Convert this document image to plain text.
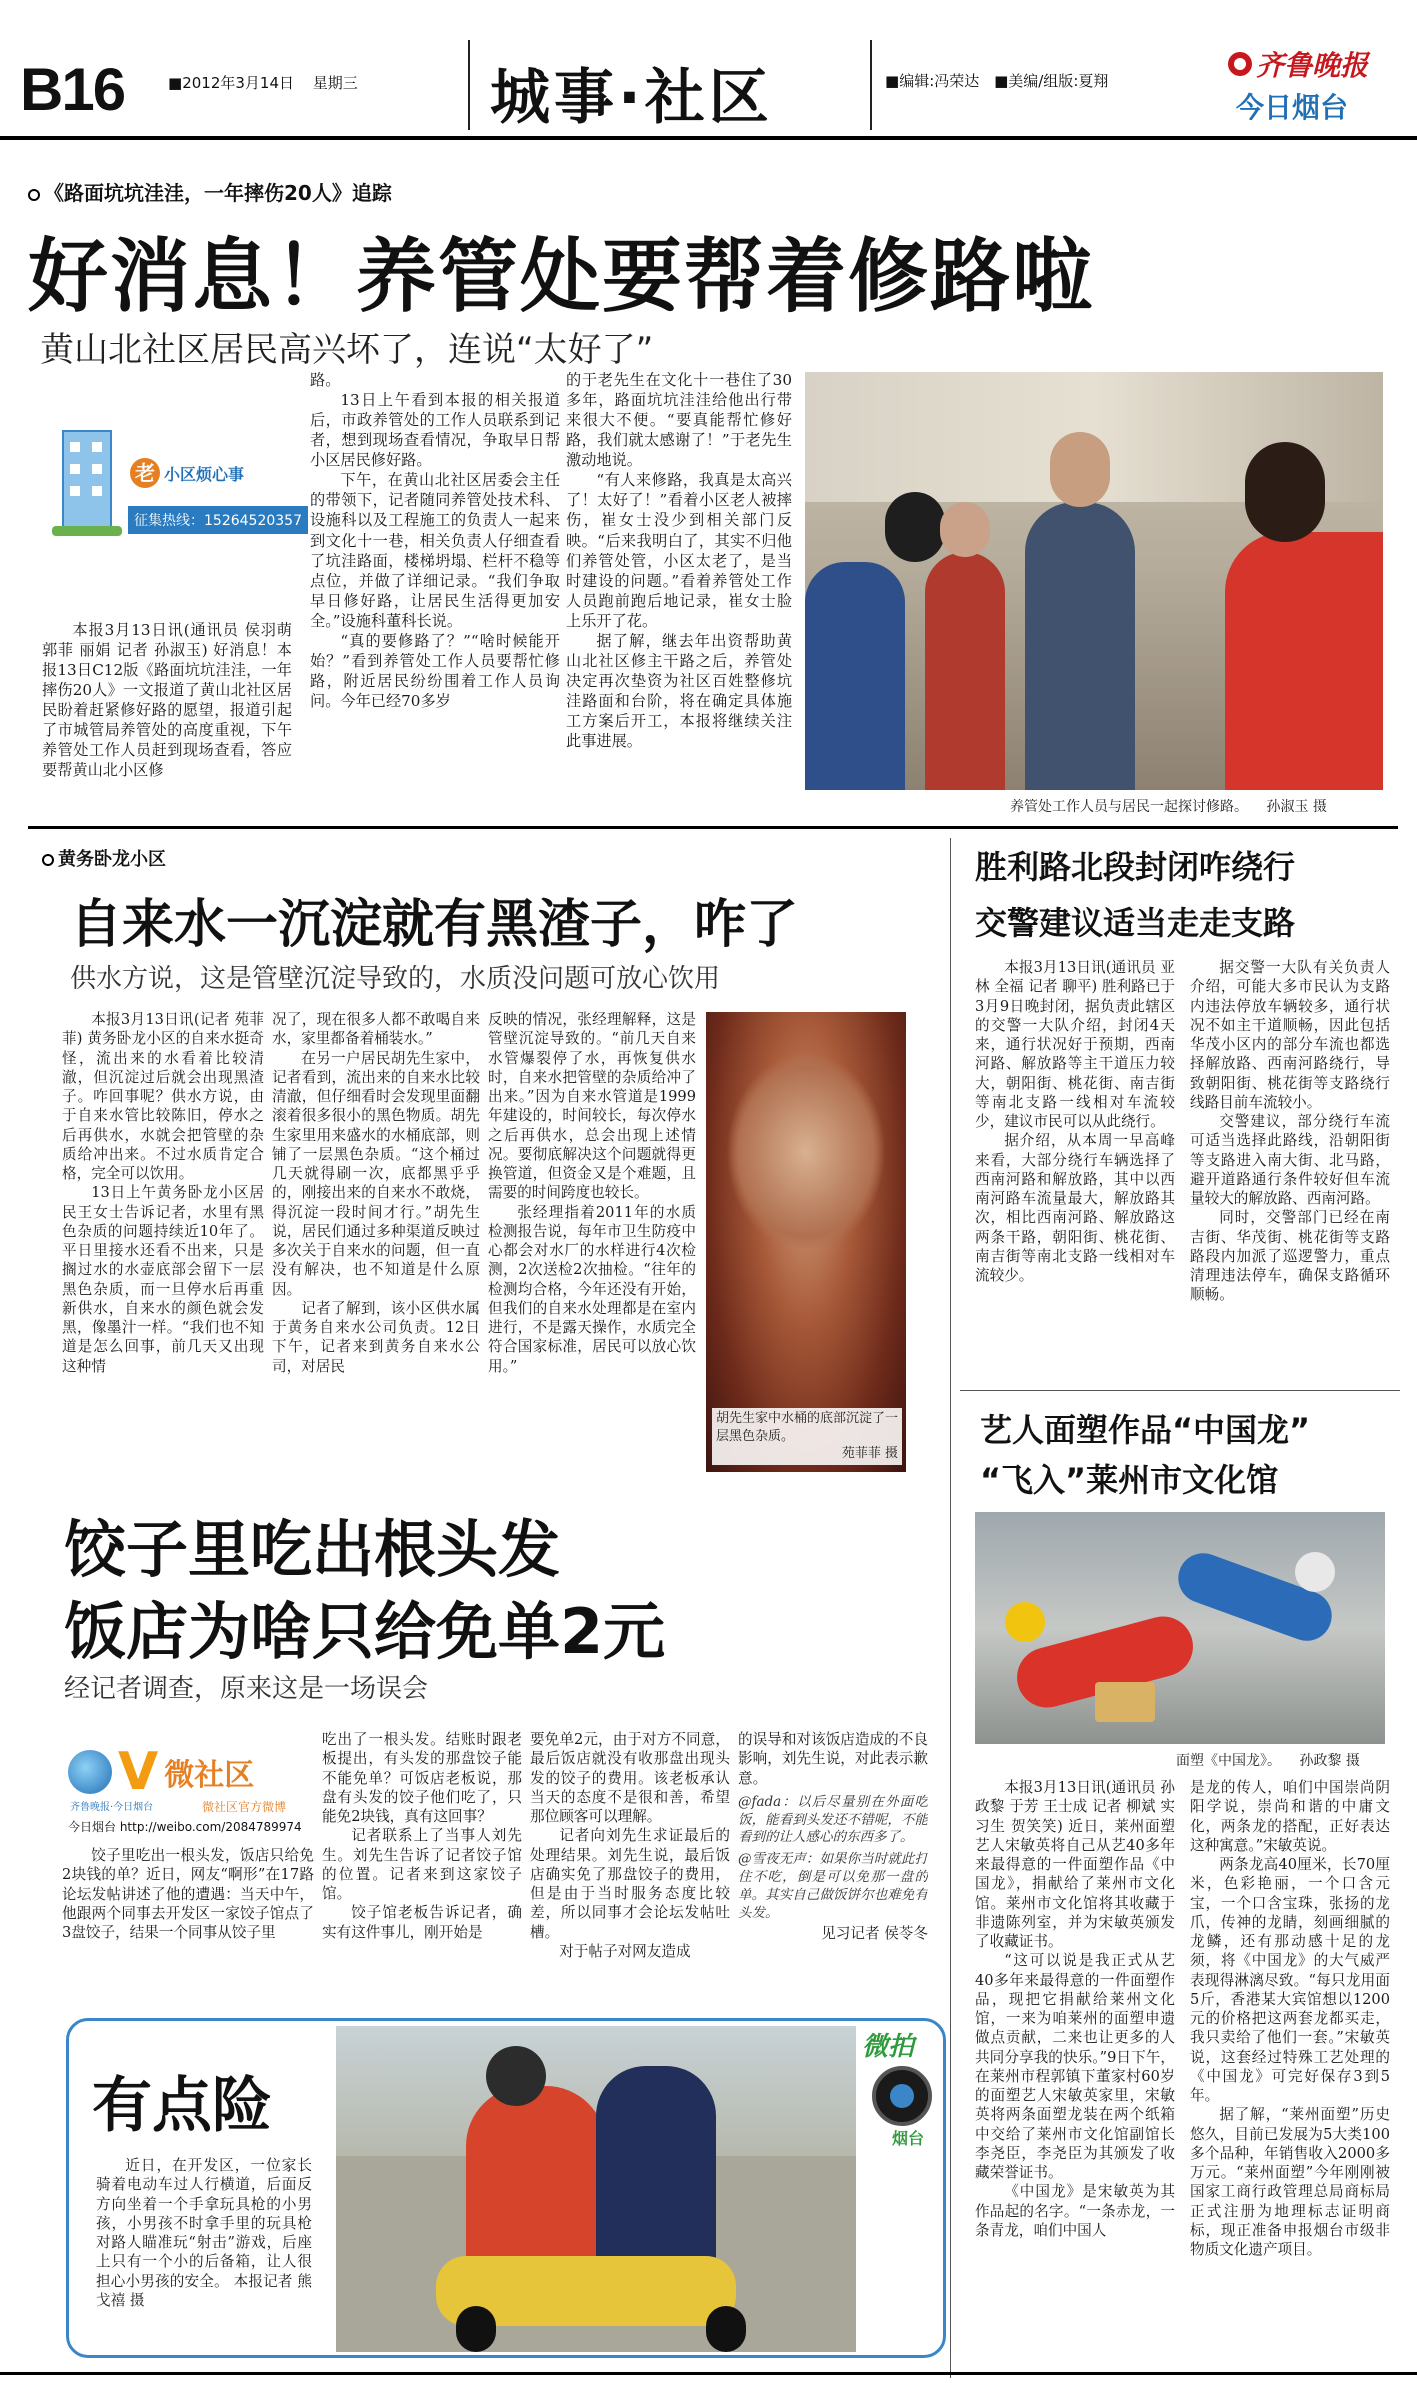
B16	■2012年3月14日 星期三 城事·社区	■编辑:冯荣达 ■美编/组版:夏翔	齐鲁晚报
今日烟台
《路面坑坑洼洼，一年摔伤20人》追踪
好消息！养管处要帮着修路啦
黄山北社区居民高兴坏了，连说“太好了”
老 小区烦心事
征集热线：15264520357

本报3月13日讯(通讯员 侯羽萌 郭菲 丽娟 记者 孙淑玉) 好消息！本报13日C12版《路面坑坑洼洼，一年摔伤20人》一文报道了黄山北社区居民盼着赶紧修好路的愿望，报道引起了市城管局养管处的高度重视，下午养管处工作人员赶到现场查看，答应要帮黄山北小区修

路。

13日上午看到本报的相关报道后，市政养管处的工作人员联系到记者，想到现场查看情况，争取早日帮小区居民修好路。

下午，在黄山北社区居委会主任的带领下，记者随同养管处技术科、设施科以及工程施工的负责人一起来到文化十一巷，相关负责人仔细查看了坑洼路面，楼梯坍塌、栏杆不稳等点位，并做了详细记录。“我们争取早日修好路，让居民生活得更加安全。”设施科董科长说。

“真的要修路了？”“啥时候能开始？”看到养管处工作人员要帮忙修路，附近居民纷纷围着工作人员询问。今年已经70多岁

的于老先生在文化十一巷住了30多年，路面坑坑洼洼给他出行带来很大不便。“要真能帮忙修好路，我们就太感谢了！”于老先生激动地说。

“有人来修路，我真是太高兴了！太好了！”看着小区老人被摔伤，崔女士没少到相关部门反映。“后来我明白了，其实不归他们养管处管，小区太老了，是当时建设的问题。”看着养管处工作人员跑前跑后地记录，崔女士脸上乐开了花。

据了解，继去年出资帮助黄山北社区修主干路之后，养管处决定再次垫资为社区百姓整修坑洼路面和台阶，将在确定具体施工方案后开工，本报将继续关注此事进展。

养管处工作人员与居民一起探讨修路。 孙淑玉 摄
黄务卧龙小区
自来水一沉淀就有黑渣子，咋了
供水方说，这是管壁沉淀导致的，水质没问题可放心饮用

本报3月13日讯(记者 苑菲菲) 黄务卧龙小区的自来水挺奇怪，流出来的水看着比较清澈，但沉淀过后就会出现黑渣子。咋回事呢？供水方说，由于自来水管比较陈旧，停水之后再供水，水就会把管壁的杂质给冲出来。不过水质肯定合格，完全可以饮用。

13日上午黄务卧龙小区居民王女士告诉记者，水里有黑色杂质的问题持续近10年了。平日里接水还看不出来，只是搁过水的水壶底部会留下一层黑色杂质，而一旦停水后再重新供水，自来水的颜色就会发黑，像墨汁一样。“我们也不知道是怎么回事，前几天又出现这种情

况了，现在很多人都不敢喝自来水，家里都备着桶装水。”

在另一户居民胡先生家中，记者看到，流出来的自来水比较清澈，但仔细看时会发现里面翻滚着很多很小的黑色物质。胡先生家里用来盛水的水桶底部，则铺了一层黑色杂质。“这个桶过几天就得刷一次，底都黑乎乎的，刚接出来的自来水不敢烧，得沉淀一段时间才行。”胡先生说，居民们通过多种渠道反映过多次关于自来水的问题，但一直没有解决，也不知道是什么原因。

记者了解到，该小区供水属于黄务自来水公司负责。12日下午，记者来到黄务自来水公司，对居民

反映的情况，张经理解释，这是管壁沉淀导致的。“前几天自来水管爆裂停了水，再恢复供水时，自来水把管壁的杂质给冲了出来。”因为自来水管道是1999年建设的，时间较长，每次停水之后再供水，总会出现上述情况。要彻底解决这个问题就得更换管道，但资金又是个难题，且需要的时间跨度也较长。

张经理指着2011年的水质检测报告说，每年市卫生防疫中心都会对水厂的水样进行4次检测，2次送检2次抽检。“往年的检测均合格，今年还没有开始，但我们的自来水处理都是在室内进行，不是露天操作，水质完全符合国家标准，居民可以放心饮用。”

胡先生家中水桶的底部沉淀了一层黑色杂质。
苑菲菲 摄
饺子里吃出根头发
饭店为啥只给免单2元
经记者调查，原来这是一场误会
V 微社区
齐鲁晚报·今日烟台	微社区官方微博
今日烟台 http://weibo.com/2084789974

饺子里吃出一根头发，饭店只给免2块钱的单？近日，网友“啊形”在17路论坛发帖讲述了他的遭遇：当天中午，他跟两个同事去开发区一家饺子馆点了3盘饺子，结果一个同事从饺子里

吃出了一根头发。结账时跟老板提出，有头发的那盘饺子能不能免单？可饭店老板说，那盘有头发的饺子他们吃了，只能免2块钱，真有这回事？

记者联系上了当事人刘先生。刘先生告诉了记者饺子馆的位置。记者来到这家饺子馆。

饺子馆老板告诉记者，确实有这件事儿，刚开始是

要免单2元，由于对方不同意，最后饭店就没有收那盘出现头发的饺子的费用。该老板承认当天的态度不是很和善，希望那位顾客可以理解。

记者向刘先生求证最后的处理结果。刘先生说，最后饭店确实免了那盘饺子的费用，但是由于当时服务态度比较差，所以同事才会论坛发帖吐槽。

对于帖子对网友造成

的误导和对该饭店造成的不良影响，刘先生说，对此表示歉意。

@fada：以后尽量别在外面吃饭，能看到头发还不错呢，不能看到的让人感心的东西多了。

@雪夜无声：如果你当时就此打住不吃，倒是可以免那一盘的单。其实自己做饭饼尔也难免有头发。

见习记者 侯苓冬

有点险

近日，在开发区，一位家长骑着电动车过人行横道，后面反方向坐着一个手拿玩具枪的小男孩，小男孩不时拿手里的玩具枪对路人瞄准玩“射击”游戏，后座上只有一个小的后备箱，让人很担心小男孩的安全。 本报记者 熊戈禧 摄

微拍
烟台
胜利路北段封闭咋绕行
交警建议适当走走支路

本报3月13日讯(通讯员 亚林 全福 记者 聊平) 胜利路已于3月9日晚封闭，据负责此辖区的交警一大队介绍，封闭4天来，通行状况好于预期，西南河路、解放路等主干道压力较大，朝阳街、桃花街、南吉街等南北支路一线相对车流较少，建议市民可以从此绕行。

据介绍，从本周一早高峰来看，大部分绕行车辆选择了西南河路和解放路，其中以西南河路车流量最大，解放路其次，相比西南河路、解放路这两条干路，朝阳街、桃花街、南吉街等南北支路一线相对车流较少。

据交警一大队有关负责人介绍，可能大多市民认为支路内违法停放车辆较多，通行状况不如主干道顺畅，因此包括华茂小区内的部分车流也都选择解放路、西南河路绕行，导致朝阳街、桃花街等支路绕行线路目前车流较小。

交警建议，部分绕行车流可适当选择此路线，沿朝阳街等支路进入南大街、北马路，避开道路通行条件较好但车流量较大的解放路、西南河路。

同时，交警部门已经在南吉街、华茂街、桃花街等支路路段内加派了巡逻警力，重点清理违法停车，确保支路循环顺畅。

艺人面塑作品“中国龙”
“飞入”莱州市文化馆
面塑《中国龙》。 孙政黎 摄

本报3月13日讯(通讯员 孙政黎 于芳 王士成 记者 柳斌 实习生 贺笑笑) 近日，莱州面塑艺人宋敏英将自己从艺40多年来最得意的一件面塑作品《中国龙》，捐献给了莱州市文化馆。莱州市文化馆将其收藏于非遗陈列室，并为宋敏英颁发了收藏证书。

“这可以说是我正式从艺40多年来最得意的一件面塑作品，现把它捐献给莱州文化馆，一来为咱莱州的面塑申遗做点贡献，二来也让更多的人共同分享我的快乐。”9日下午，在莱州市程郭镇下董家村60岁的面塑艺人宋敏英家里，宋敏英将两条面塑龙装在两个纸箱中交给了莱州市文化馆副馆长李尧臣，李尧臣为其颁发了收藏荣誉证书。

《中国龙》是宋敏英为其作品起的名字。“一条赤龙，一条青龙，咱们中国人

是龙的传人，咱们中国崇尚阴阳学说，崇尚和谐的中庸文化，两条龙的搭配，正好表达这种寓意。”宋敏英说。

两条龙高40厘米，长70厘米，色彩艳丽，一个口含元宝，一个口含宝珠，张扬的龙爪，传神的龙睛，刻画细腻的龙鳞，还有那动感十足的龙须，将《中国龙》的大气威严表现得淋漓尽致。“每只龙用面5斤，香港某大宾馆想以1200元的价格把这两套龙都买走，我只卖给了他们一套。”宋敏英说，这套经过特殊工艺处理的《中国龙》可完好保存3到5年。

据了解，“莱州面塑”历史悠久，目前已发展为5大类100多个品种，年销售收入2000多万元。“莱州面塑”今年刚刚被国家工商行政管理总局商标局正式注册为地理标志证明商标，现正准备申报烟台市级非物质文化遗产项目。
